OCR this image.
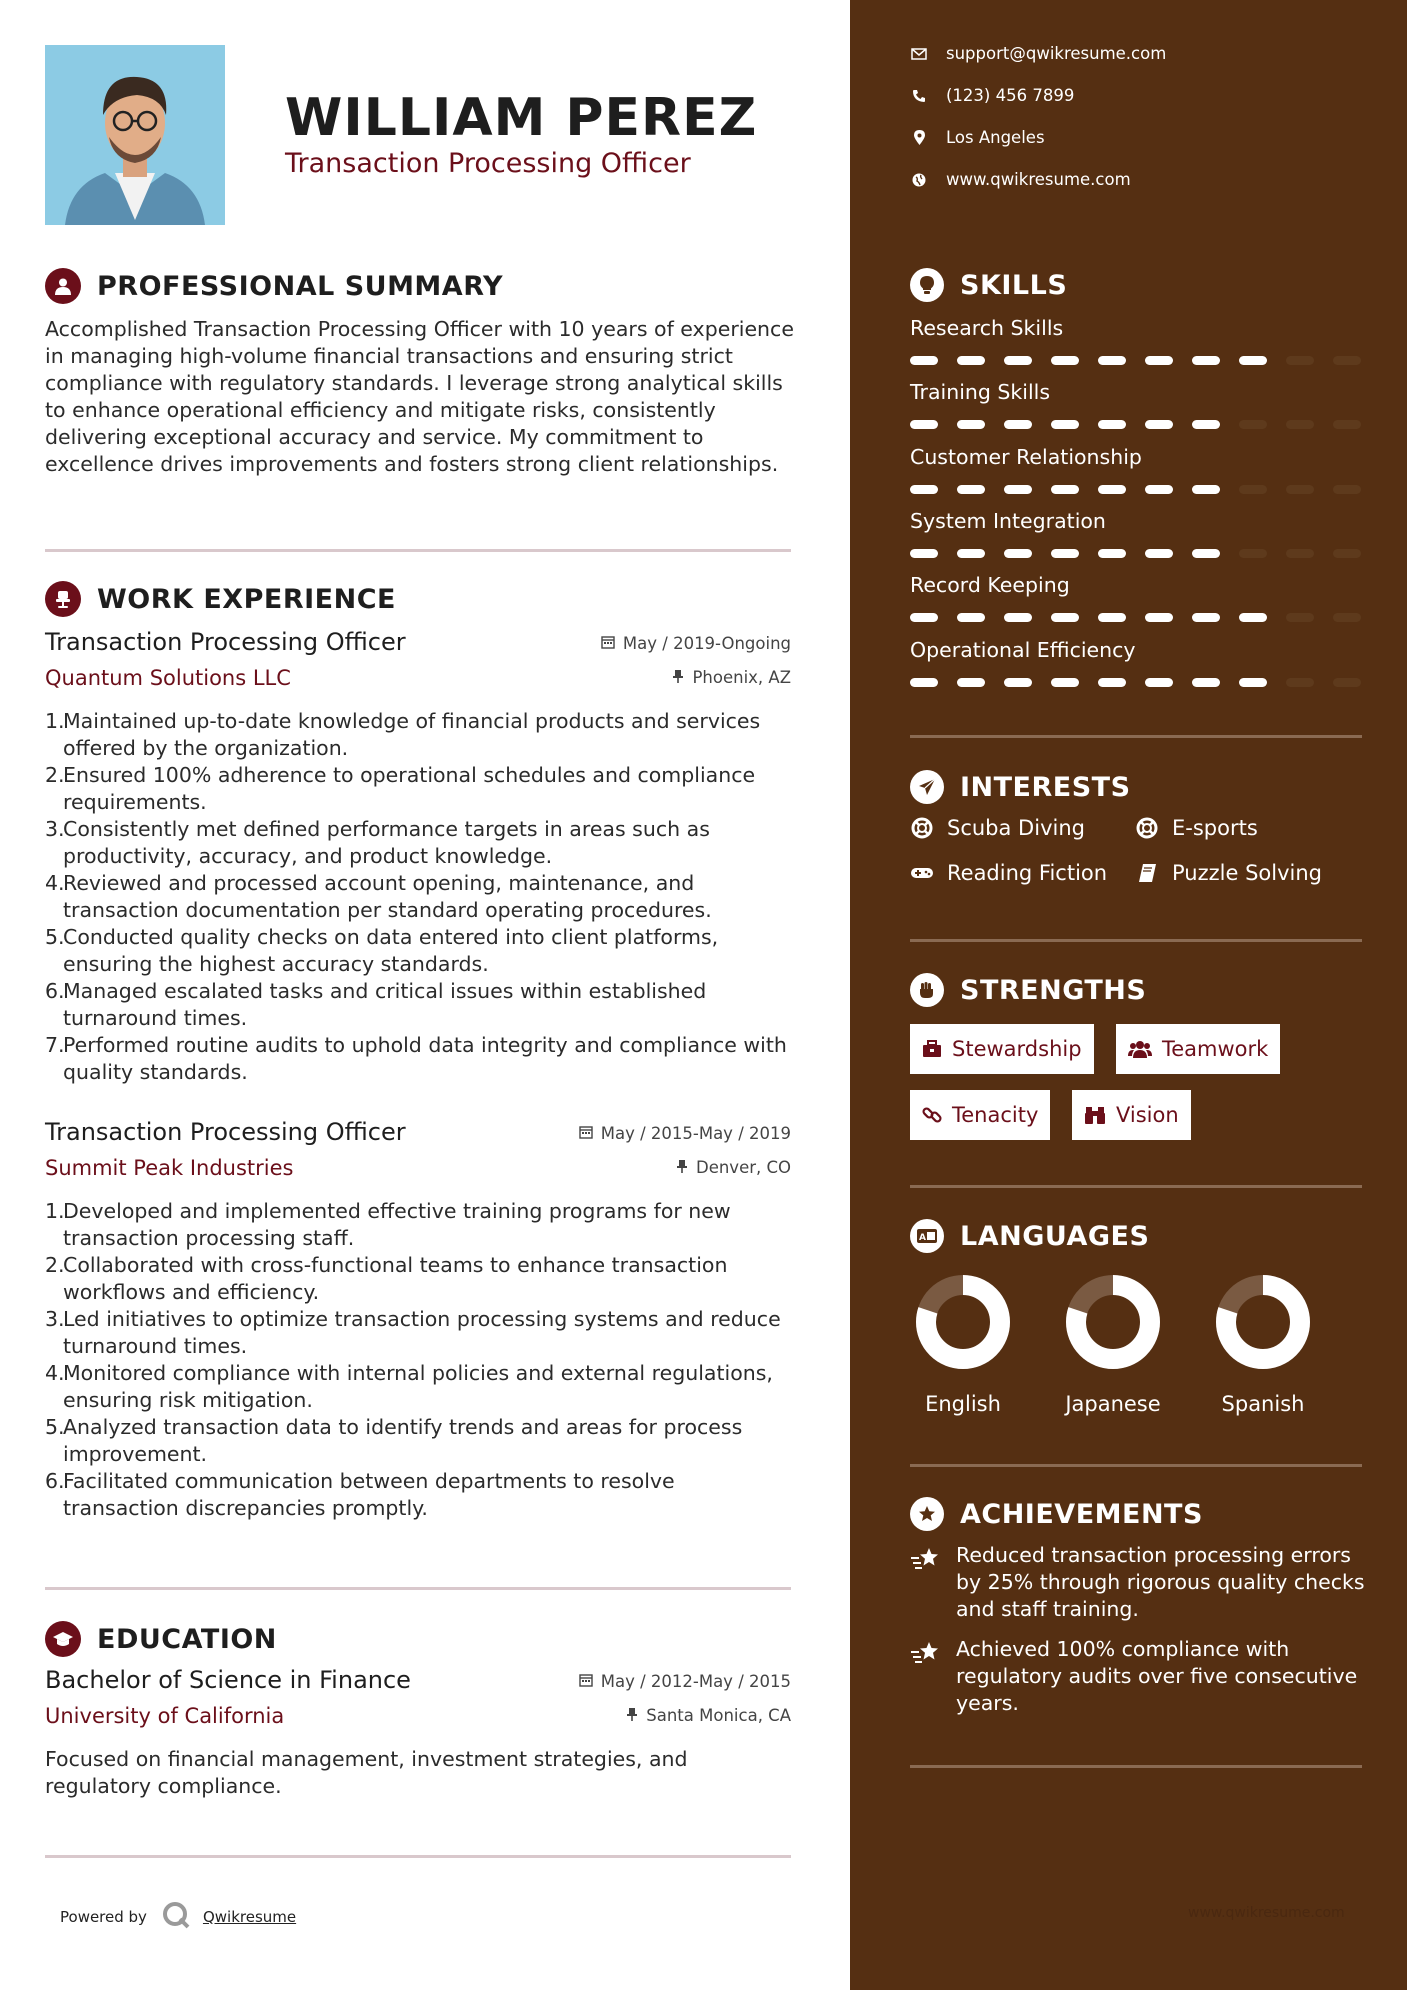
WILLIAM PEREZ
Transaction Processing Officer
PROFESSIONAL SUMMARY
Accomplished Transaction Processing Officer with 10 years of experience in managing high-volume financial transactions and ensuring strict compliance with regulatory standards. I leverage strong analytical skills to enhance operational efficiency and mitigate risks, consistently delivering exceptional accuracy and service. My commitment to excellence drives improvements and fosters strong client relationships.
WORK EXPERIENCE
Transaction Processing Officer
Quantum Solutions LLC
May / 2019-Ongoing
Phoenix, AZ
1.
Maintained up-to-date knowledge of financial products and services offered by the organization.
2.
Ensured 100% adherence to operational schedules and compliance requirements.
3.
Consistently met defined performance targets in areas such as productivity, accuracy, and product knowledge.
4.
Reviewed and processed account opening, maintenance, and transaction documentation per standard operating procedures.
5.
Conducted quality checks on data entered into client platforms, ensuring the highest accuracy standards.
6.
Managed escalated tasks and critical issues within established turnaround times.
7.
Performed routine audits to uphold data integrity and compliance with quality standards.
Transaction Processing Officer
Summit Peak Industries
May / 2015-May / 2019
Denver, CO
1.
Developed and implemented effective training programs for new transaction processing staff.
2.
Collaborated with cross-functional teams to enhance transaction workflows and efficiency.
3.
Led initiatives to optimize transaction processing systems and reduce turnaround times.
4.
Monitored compliance with internal policies and external regulations, ensuring risk mitigation.
5.
Analyzed transaction data to identify trends and areas for process improvement.
6.
Facilitated communication between departments to resolve transaction discrepancies promptly.
EDUCATION
Bachelor of Science in Finance
University of California
May / 2012-May / 2015
Santa Monica, CA
Focused on financial management, investment strategies, and regulatory compliance.
Powered by	Qwikresume
support@qwikresume.com
(123) 456 7899
Los Angeles
www.qwikresume.com
SKILLS
Research Skills
Training Skills
Customer Relationship
System Integration
Record Keeping
Operational Efficiency
INTERESTS
Scuba Diving	E-sports
Reading Fiction	Puzzle Solving
STRENGTHS
Stewardship	Teamwork
Tenacity	Vision
A LANGUAGES
English	Japanese	Spanish
ACHIEVEMENTS
Reduced transaction processing errors by 25% through rigorous quality checks and staff training.
Achieved 100% compliance with regulatory audits over five consecutive years.
www.qwikresume.com
